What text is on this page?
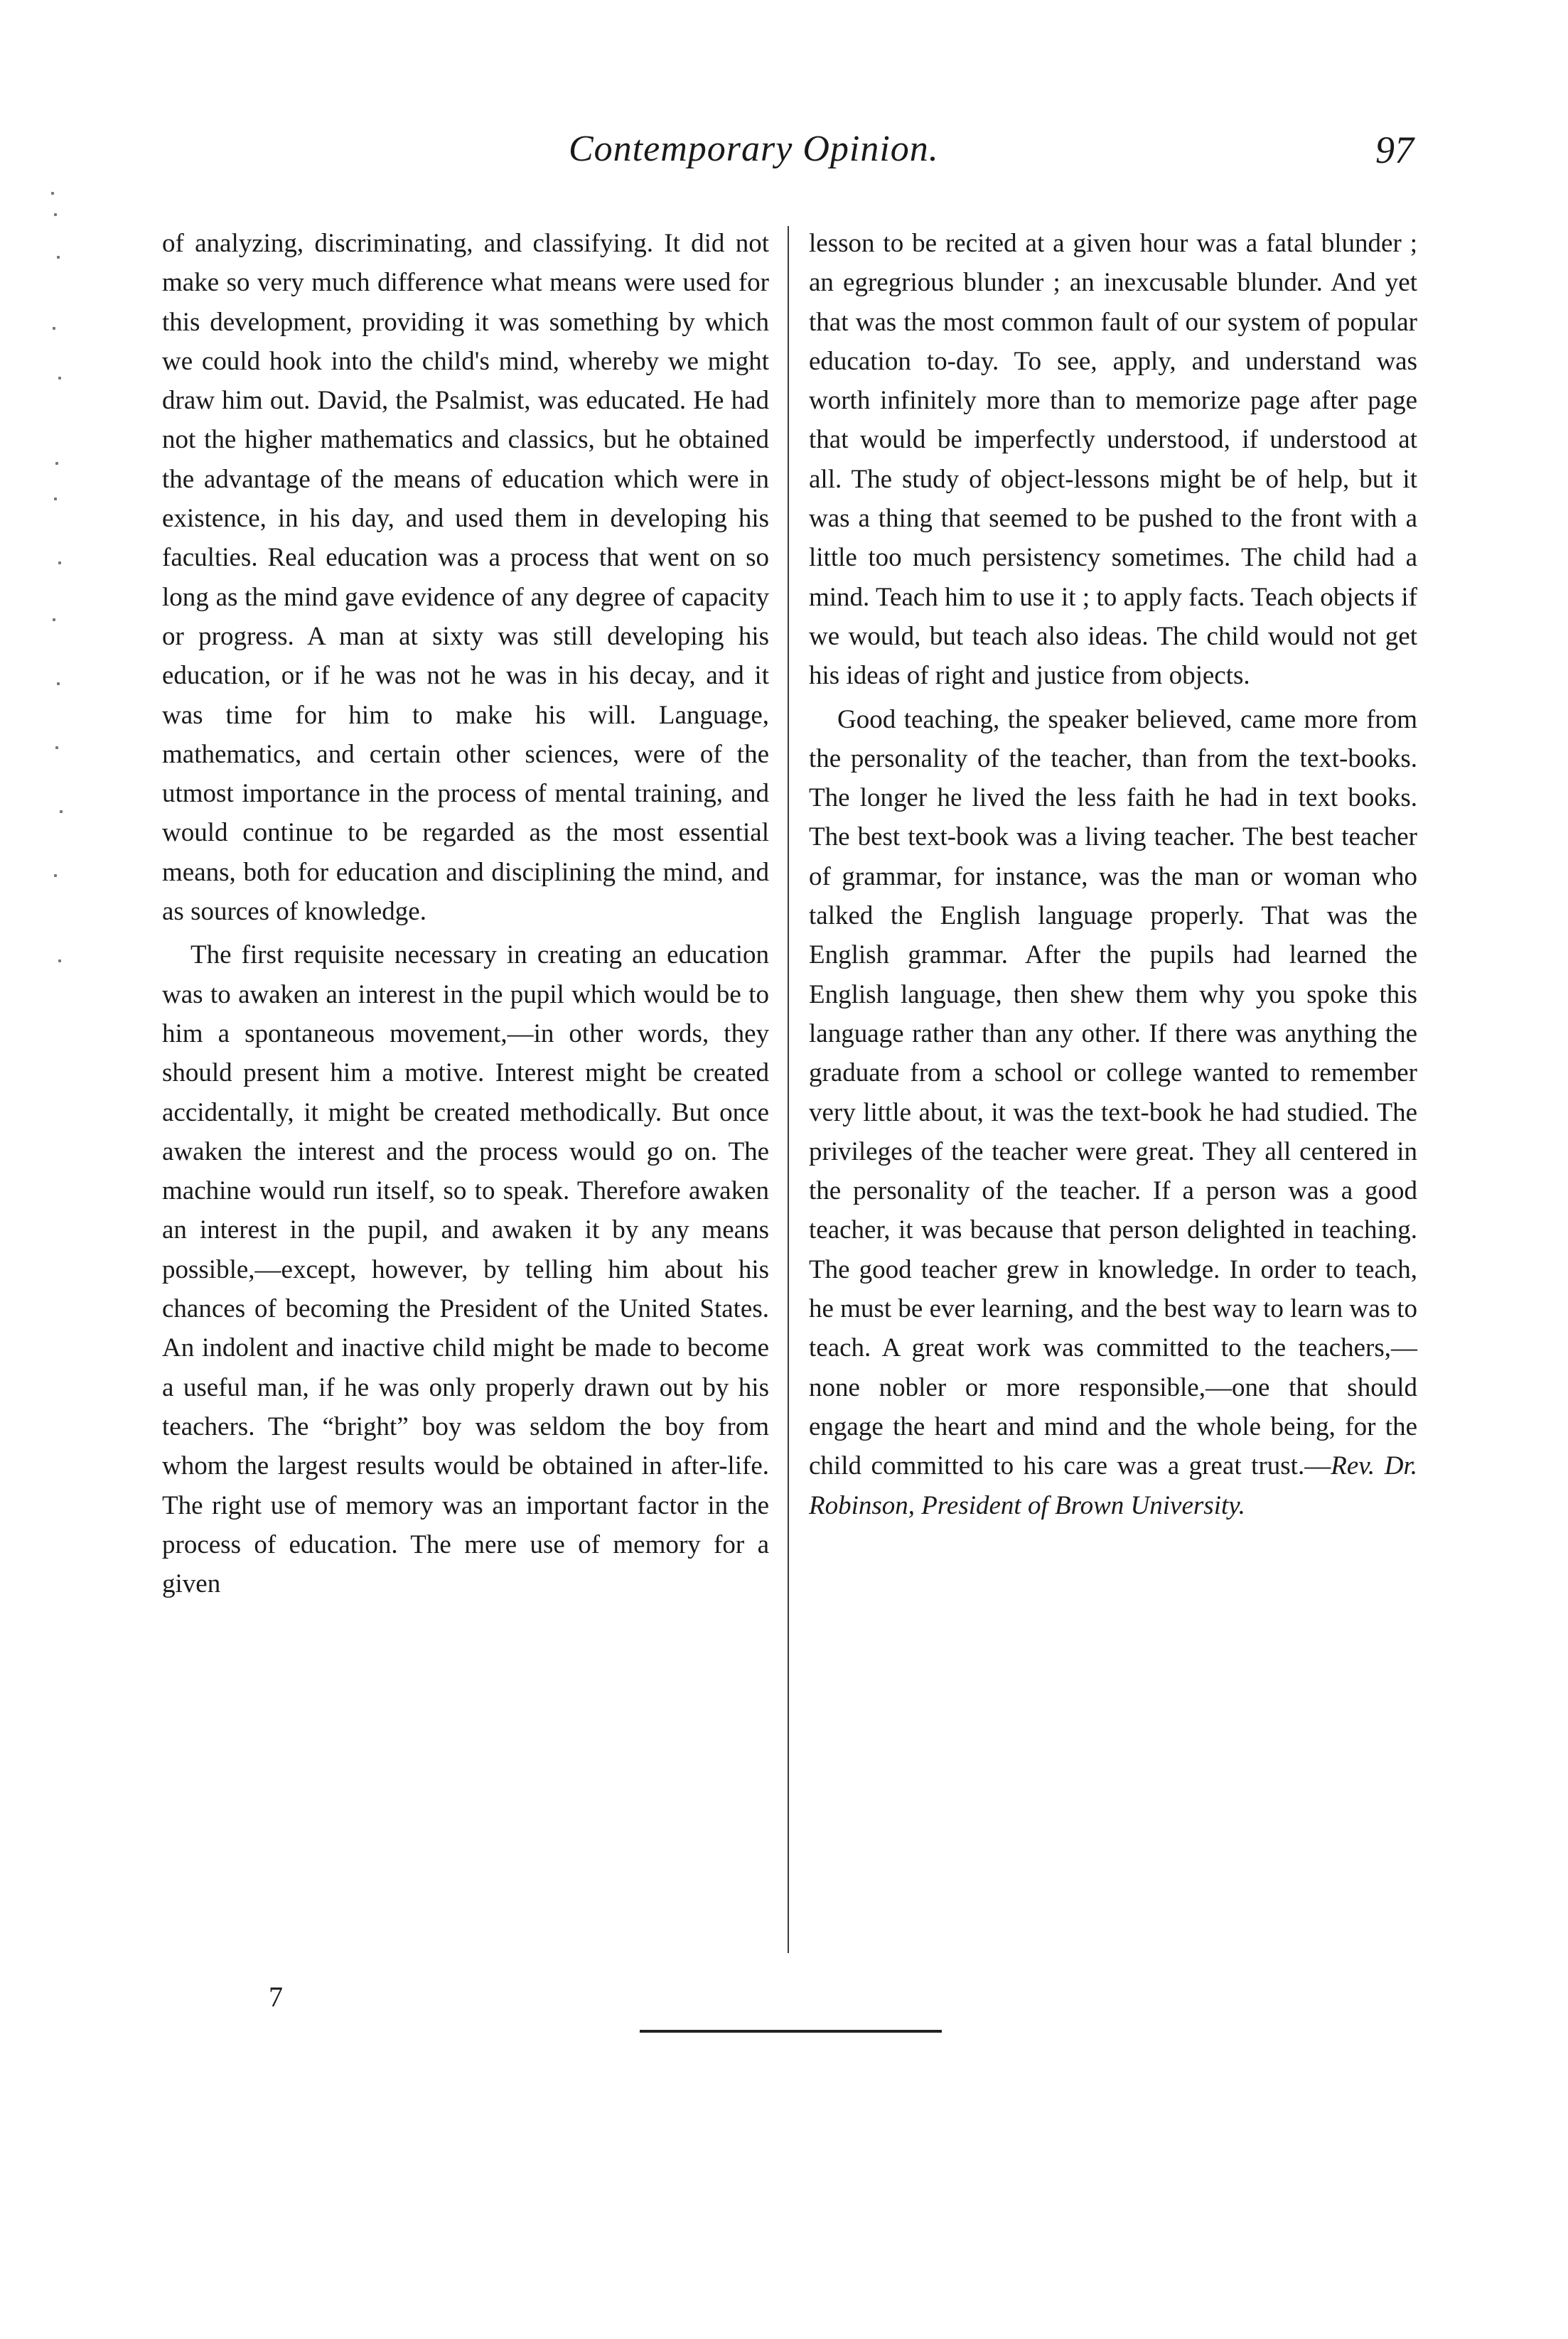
Contemporary Opinion.	97

of analyzing, discriminating, and classifying. It did not make so very much difference what means were used for this development, providing it was something by which we could hook into the child's mind, whereby we might draw him out. David, the Psalmist, was educated. He had not the higher mathematics and classics, but he obtained the advantage of the means of education which were in existence, in his day, and used them in developing his faculties. Real education was a process that went on so long as the mind gave evidence of any degree of capacity or progress. A man at sixty was still developing his education, or if he was not he was in his decay, and it was time for him to make his will. Language, mathematics, and certain other sciences, were of the utmost importance in the process of mental training, and would continue to be regarded as the most essential means, both for education and disciplining the mind, and as sources of knowledge.

The first requisite necessary in creating an education was to awaken an interest in the pupil which would be to him a spontaneous movement,—in other words, they should present him a motive. Interest might be created accidentally, it might be created methodically. But once awaken the interest and the process would go on. The machine would run itself, so to speak. Therefore awaken an interest in the pupil, and awaken it by any means possible,—except, however, by telling him about his chances of becoming the President of the United States. An indolent and inactive child might be made to become a useful man, if he was only properly drawn out by his teachers. The “bright” boy was seldom the boy from whom the largest results would be obtained in after-life. The right use of memory was an important factor in the process of education. The mere use of memory for a given

lesson to be recited at a given hour was a fatal blunder ; an egregrious blunder ; an inexcusable blunder. And yet that was the most common fault of our system of popular education to-day. To see, apply, and understand was worth infinitely more than to memorize page after page that would be imperfectly understood, if understood at all. The study of object-lessons might be of help, but it was a thing that seemed to be pushed to the front with a little too much persistency sometimes. The child had a mind. Teach him to use it ; to apply facts. Teach objects if we would, but teach also ideas. The child would not get his ideas of right and justice from objects.

Good teaching, the speaker believed, came more from the personality of the teacher, than from the text-books. The longer he lived the less faith he had in text books. The best text-book was a living teacher. The best teacher of grammar, for instance, was the man or woman who talked the English language properly. That was the English grammar. After the pupils had learned the English language, then shew them why you spoke this language rather than any other. If there was anything the graduate from a school or college wanted to remember very little about, it was the text-book he had studied. The privileges of the teacher were great. They all centered in the personality of the teacher. If a person was a good teacher, it was because that person delighted in teaching. The good teacher grew in knowledge. In order to teach, he must be ever learning, and the best way to learn was to teach. A great work was committed to the teachers,—none nobler or more responsible,—one that should engage the heart and mind and the whole being, for the child committed to his care was a great trust.—Rev. Dr. Robinson, President of Brown University.

7
